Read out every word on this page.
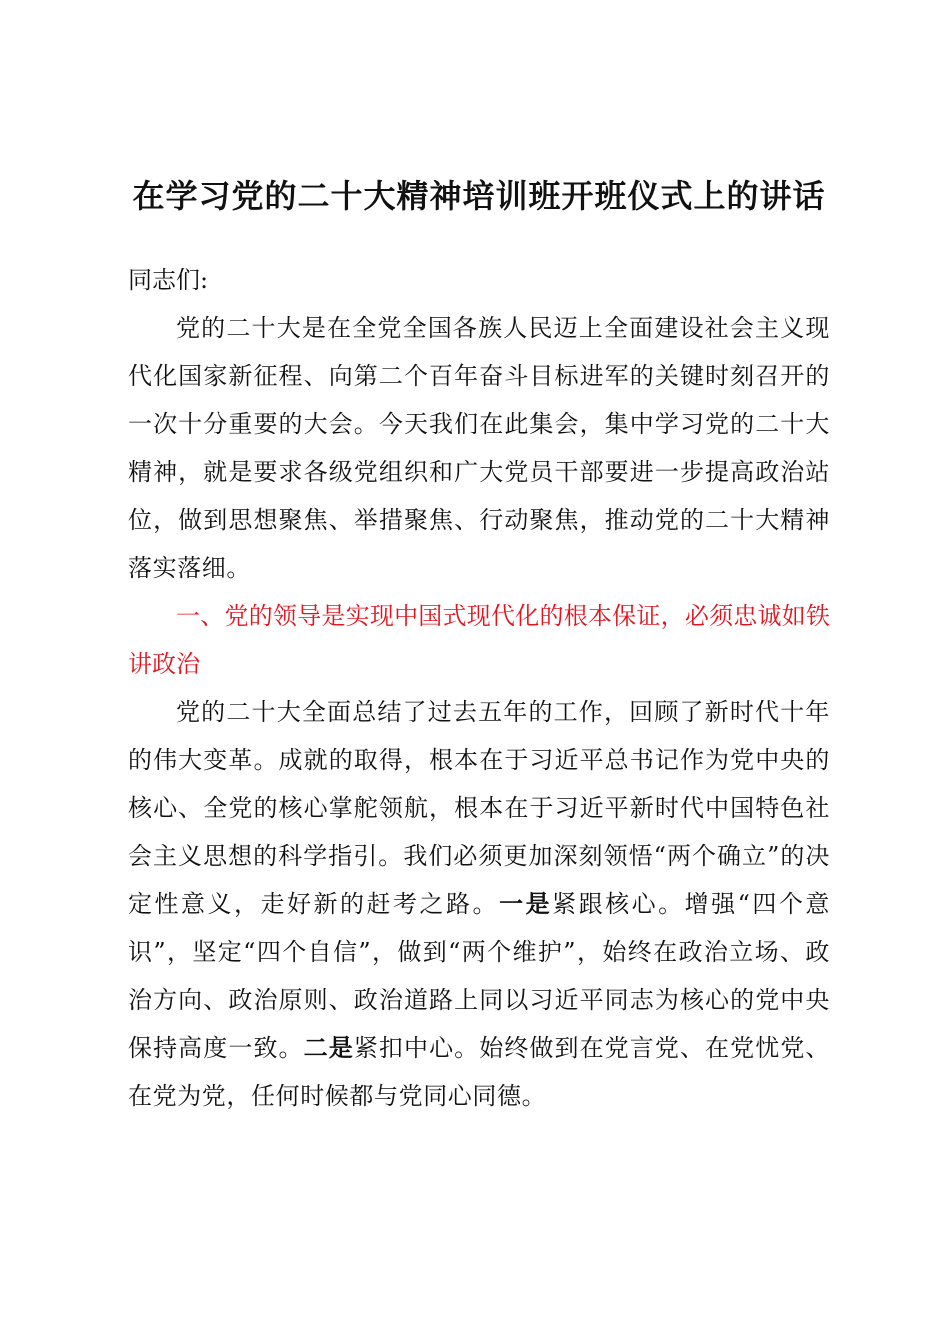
在学习党的二十大精神培训班开班仪式上的讲话
同志们:

党的二十大是在全党全国各族人民迈上全面建设社会主义现代化国家新征程、向第二个百年奋斗目标进军的关键时刻召开的一次十分重要的大会。今天我们在此集会，集中学习党的二十大精神，就是要求各级党组织和广大党员干部要进一步提高政治站位，做到思想聚焦、举措聚焦、行动聚焦，推动党的二十大精神落实落细。

一、党的领导是实现中国式现代化的根本保证，必须忠诚如铁讲政治

党的二十大全面总结了过去五年的工作，回顾了新时代十年的伟大变革。成就的取得，根本在于习近平总书记作为党中央的核心、全党的核心掌舵领航，根本在于习近平新时代中国特色社会主义思想的科学指引。我们必须更加深刻领悟“两个确立”的决定性意义，走好新的赶考之路。一是紧跟核心。增强“四个意识”，坚定“四个自信”，做到“两个维护”，始终在政治立场、政治方向、政治原则、政治道路上同以习近平同志为核心的党中央保持高度一致。二是紧扣中心。始终做到在党言党、在党忧党、在党为党，任何时候都与党同心同德。
